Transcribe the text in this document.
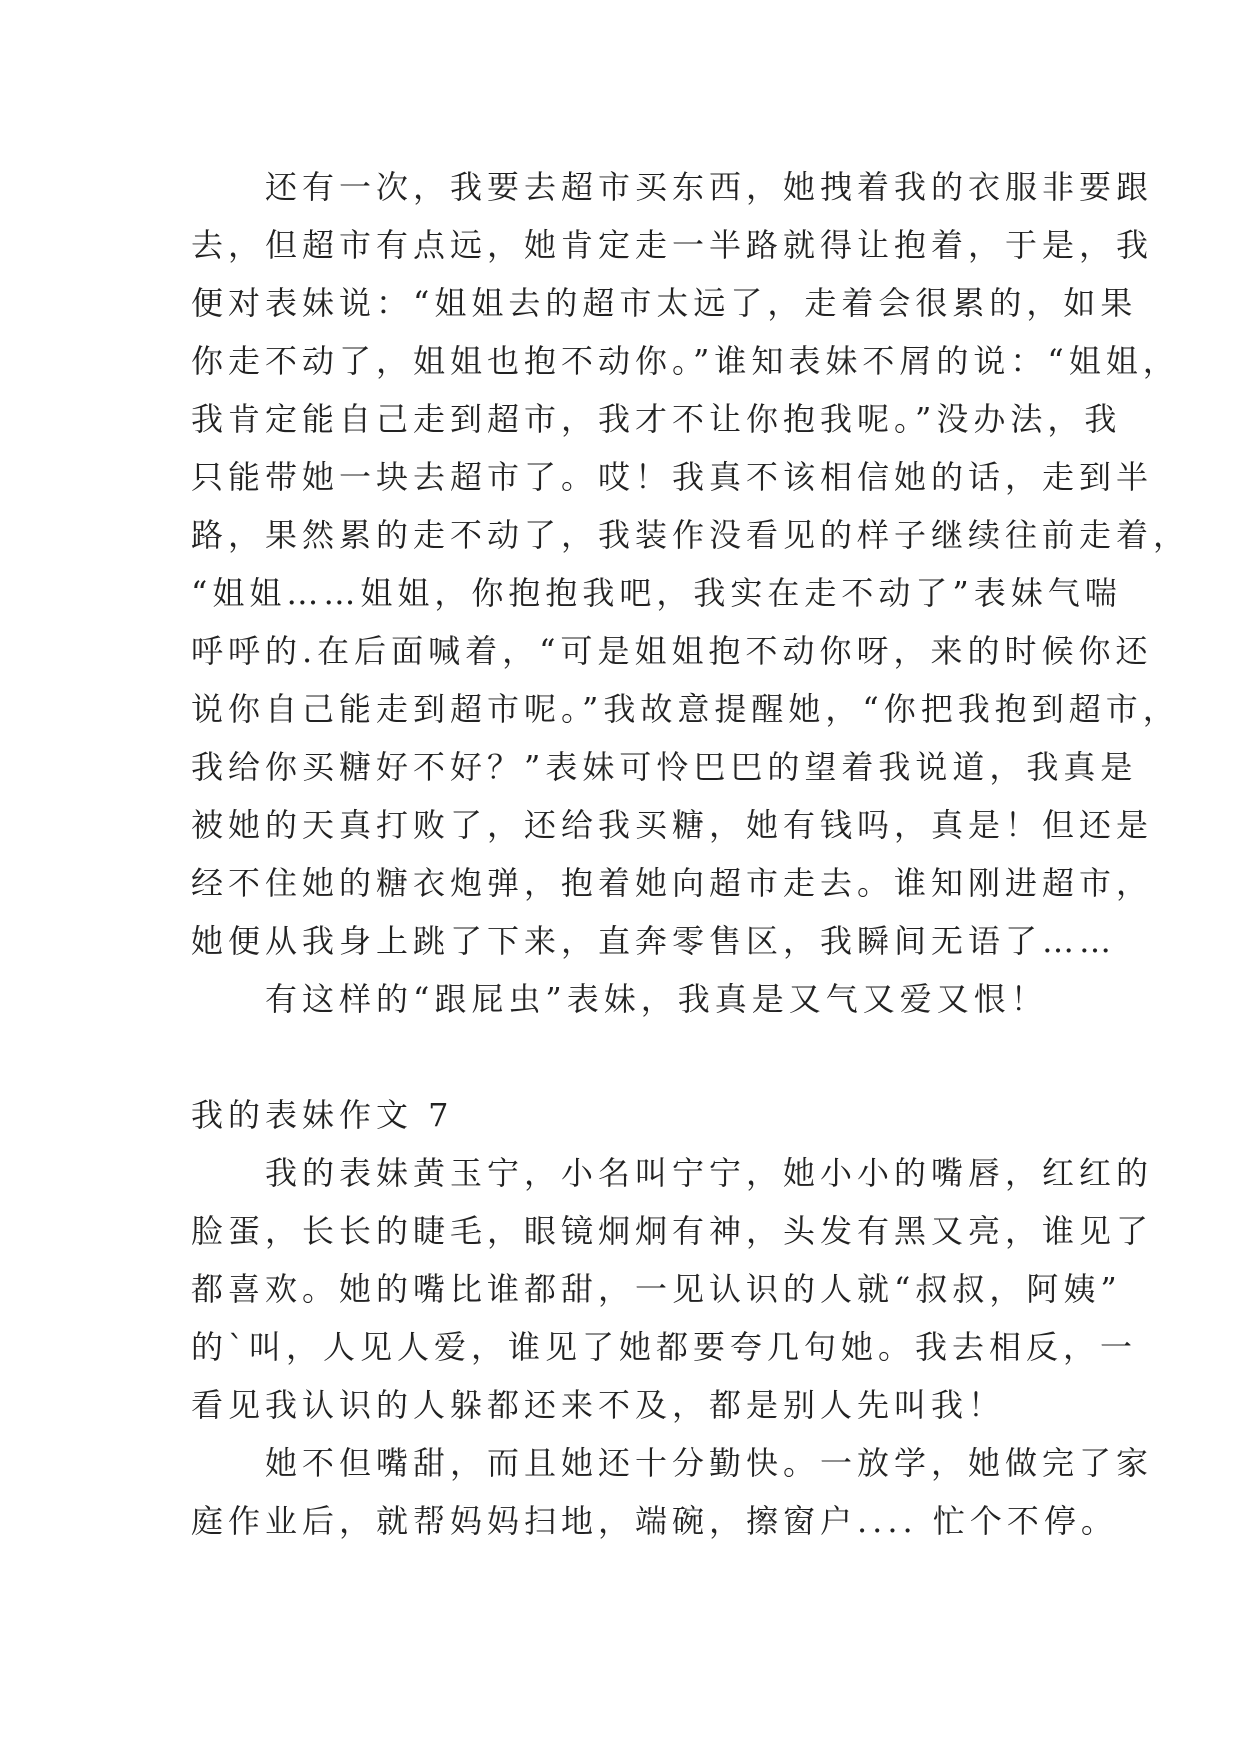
　　还有一次，我要去超市买东西，她拽着我的衣服非要跟
去，但超市有点远，她肯定走一半路就得让抱着，于是，我
便对表妹说：“姐姐去的超市太远了，走着会很累的，如果
你走不动了，姐姐也抱不动你。”谁知表妹不屑的说：“姐姐，
我肯定能自己走到超市，我才不让你抱我呢。”没办法，我
只能带她一块去超市了。哎！我真不该相信她的话，走到半
路，果然累的走不动了，我装作没看见的样子继续往前走着，
“姐姐……姐姐，你抱抱我吧，我实在走不动了”表妹气喘
呼呼的.在后面喊着，“可是姐姐抱不动你呀，来的时候你还
说你自己能走到超市呢。”我故意提醒她，“你把我抱到超市，
我给你买糖好不好？”表妹可怜巴巴的望着我说道，我真是
被她的天真打败了，还给我买糖，她有钱吗，真是！但还是
经不住她的糖衣炮弹，抱着她向超市走去。谁知刚进超市，
她便从我身上跳了下来，直奔零售区，我瞬间无语了……
　　有这样的“跟屁虫”表妹，我真是又气又爱又恨！
我的表妹作文 7
　　我的表妹黄玉宁，小名叫宁宁，她小小的嘴唇，红红的
脸蛋，长长的睫毛，眼镜炯炯有神，头发有黑又亮，谁见了
都喜欢。她的嘴比谁都甜，一见认识的人就“叔叔，阿姨”
的`叫，人见人爱，谁见了她都要夸几句她。我去相反，一
看见我认识的人躲都还来不及，都是别人先叫我！
　　她不但嘴甜，而且她还十分勤快。一放学，她做完了家
庭作业后，就帮妈妈扫地，端碗，擦窗户.... 忙个不停。
